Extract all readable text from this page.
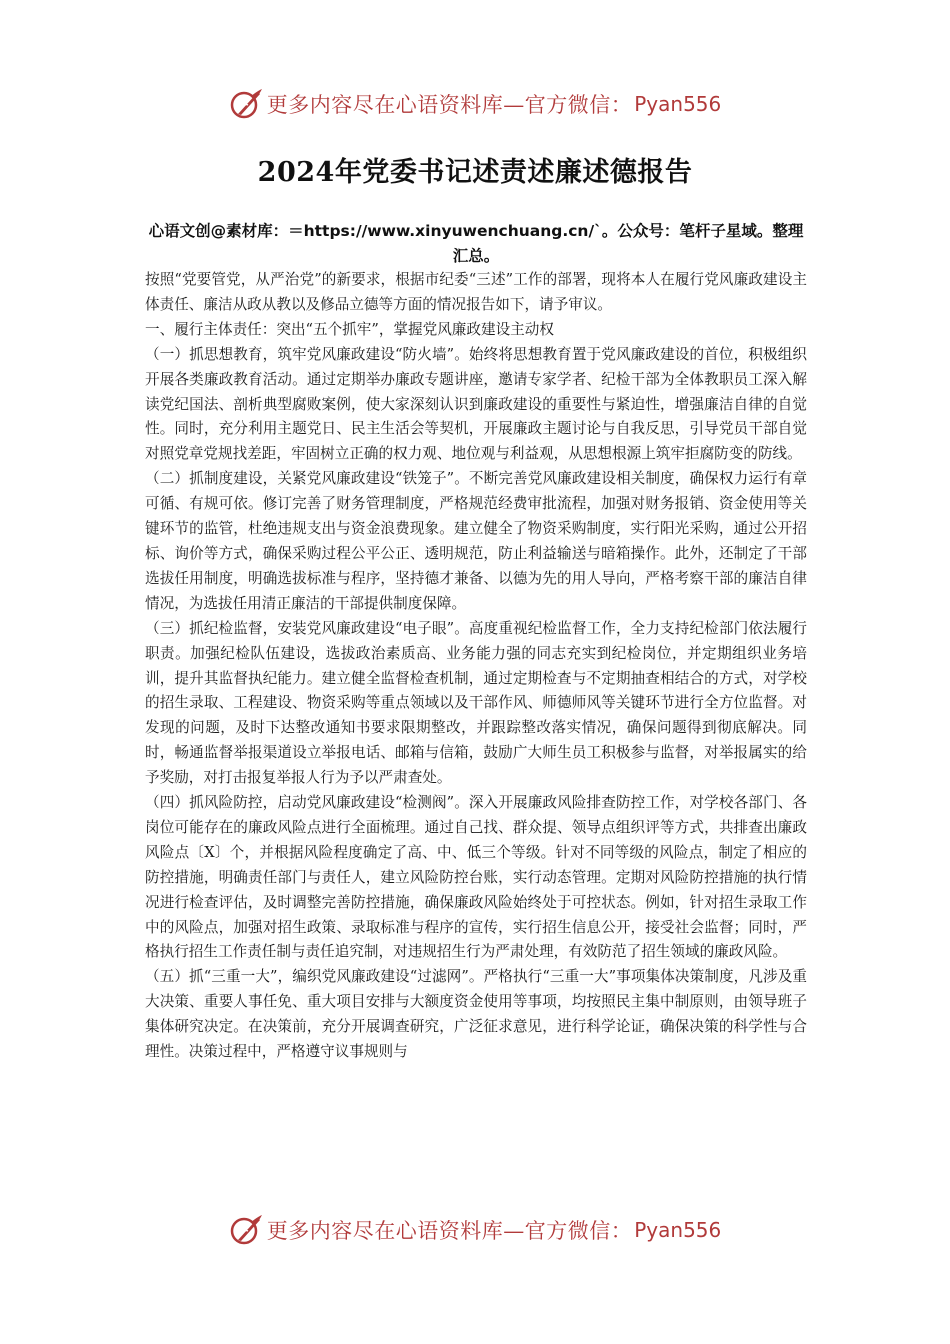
更多内容尽在心语资料库—官方微信： Pyan556
2024年党委书记述责述廉述德报告
心语文创@素材库：＝https://www.xinyuwenchuang.cn/`。公众号：笔杆子星域。整理汇总。

按照“党要管党，从严治党”的新要求，根据市纪委“三述”工作的部署，现将本人在履行党风廉政建设主体责任、廉洁从政从教以及修品立德等方面的情况报告如下，请予审议。

一、履行主体责任：突出“五个抓牢”，掌握党风廉政建设主动权

（一）抓思想教育，筑牢党风廉政建设“防火墙”。始终将思想教育置于党风廉政建设的首位，积极组织开展各类廉政教育活动。通过定期举办廉政专题讲座，邀请专家学者、纪检干部为全体教职员工深入解读党纪国法、剖析典型腐败案例，使大家深刻认识到廉政建设的重要性与紧迫性，增强廉洁自律的自觉性。同时，充分利用主题党日、民主生活会等契机，开展廉政主题讨论与自我反思，引导党员干部自觉对照党章党规找差距，牢固树立正确的权力观、地位观与利益观，从思想根源上筑牢拒腐防变的防线。

（二）抓制度建设，关紧党风廉政建设“铁笼子”。不断完善党风廉政建设相关制度，确保权力运行有章可循、有规可依。修订完善了财务管理制度，严格规范经费审批流程，加强对财务报销、资金使用等关键环节的监管，杜绝违规支出与资金浪费现象。建立健全了物资采购制度，实行阳光采购，通过公开招标、询价等方式，确保采购过程公平公正、透明规范，防止利益输送与暗箱操作。此外，还制定了干部选拔任用制度，明确选拔标准与程序，坚持德才兼备、以德为先的用人导向，严格考察干部的廉洁自律情况，为选拔任用清正廉洁的干部提供制度保障。

（三）抓纪检监督，安装党风廉政建设“电子眼”。高度重视纪检监督工作，全力支持纪检部门依法履行职责。加强纪检队伍建设，选拔政治素质高、业务能力强的同志充实到纪检岗位，并定期组织业务培训，提升其监督执纪能力。建立健全监督检查机制，通过定期检查与不定期抽查相结合的方式，对学校的招生录取、工程建设、物资采购等重点领域以及干部作风、师德师风等关键环节进行全方位监督。对发现的问题，及时下达整改通知书要求限期整改，并跟踪整改落实情况，确保问题得到彻底解决。同时，畅通监督举报渠道设立举报电话、邮箱与信箱，鼓励广大师生员工积极参与监督，对举报属实的给予奖励，对打击报复举报人行为予以严肃查处。

（四）抓风险防控，启动党风廉政建设“检测阀”。深入开展廉政风险排查防控工作，对学校各部门、各岗位可能存在的廉政风险点进行全面梳理。通过自己找、群众提、领导点组织评等方式，共排查出廉政风险点〔X〕个，并根据风险程度确定了高、中、低三个等级。针对不同等级的风险点，制定了相应的防控措施，明确责任部门与责任人，建立风险防控台账，实行动态管理。定期对风险防控措施的执行情况进行检查评估，及时调整完善防控措施，确保廉政风险始终处于可控状态。例如，针对招生录取工作中的风险点，加强对招生政策、录取标准与程序的宣传，实行招生信息公开，接受社会监督；同时，严格执行招生工作责任制与责任追究制，对违规招生行为严肃处理，有效防范了招生领域的廉政风险。

（五）抓“三重一大”，编织党风廉政建设“过滤网”。严格执行“三重一大”事项集体决策制度，凡涉及重大决策、重要人事任免、重大项目安排与大额度资金使用等事项，均按照民主集中制原则，由领导班子集体研究决定。在决策前，充分开展调查研究，广泛征求意见，进行科学论证，确保决策的科学性与合理性。决策过程中，严格遵守议事规则与

更多内容尽在心语资料库—官方微信： Pyan556
